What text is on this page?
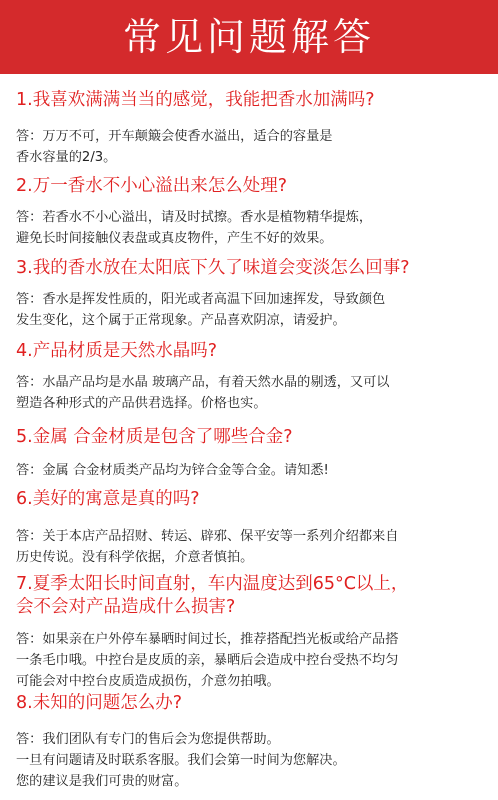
常见问题解答

1.我喜欢满满当当的感觉，我能把香水加满吗?

答：万万不可，开车颠簸会使香水溢出，适合的容量是
香水容量的2/3。

2.万一香水不小心溢出来怎么处理?

答：若香水不小心溢出，请及时拭擦。香水是植物精华提炼，
避免长时间接触仪表盘或真皮物件，产生不好的效果。

3.我的香水放在太阳底下久了味道会变淡怎么回事?

答：香水是挥发性质的，阳光或者高温下回加速挥发，导致颜色
发生变化，这个属于正常现象。产品喜欢阴凉，请爱护。

4.产品材质是天然水晶吗?

答：水晶产品均是水晶 玻璃产品，有着天然水晶的剔透，又可以
塑造各种形式的产品供君选择。价格也实。

5.金属 合金材质是包含了哪些合金?

答：金属 合金材质类产品均为锌合金等合金。请知悉!

6.美好的寓意是真的吗?

答：关于本店产品招财、转运、辟邪、保平安等一系列介绍都来自
历史传说。没有科学依据，介意者慎拍。

7.夏季太阳长时间直射，车内温度达到65°C以上，
会不会对产品造成什么损害?

答：如果亲在户外停车暴晒时间过长，推荐搭配挡光板或给产品搭
一条毛巾哦。中控台是皮质的亲，暴晒后会造成中控台受热不均匀
可能会对中控台皮质造成损伤，介意勿拍哦。

8.未知的问题怎么办?

答：我们团队有专门的售后会为您提供帮助。
一旦有问题请及时联系客服。我们会第一时间为您解决。
您的建议是我们可贵的财富。
